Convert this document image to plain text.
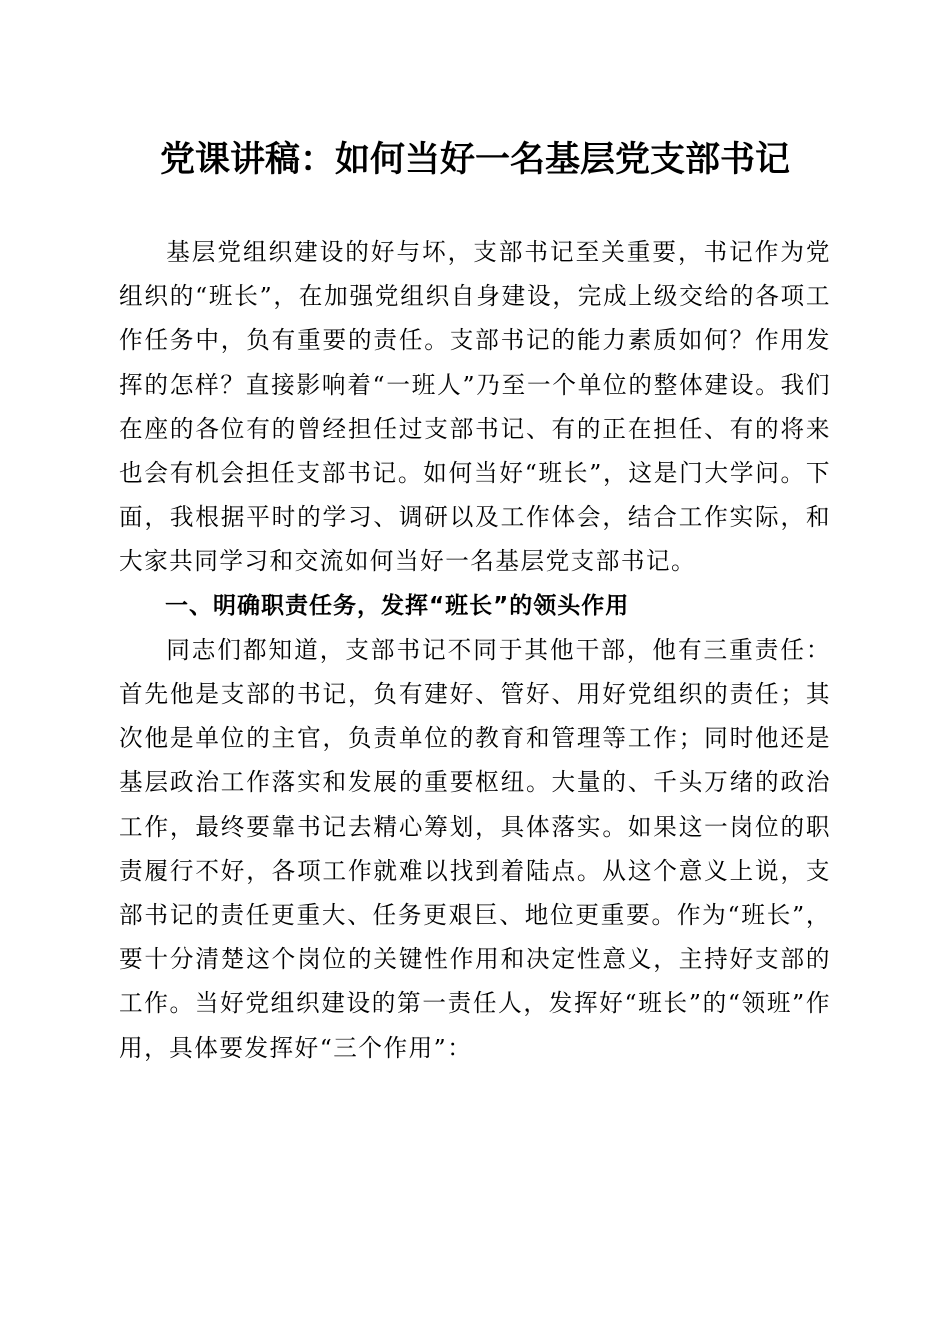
党课讲稿：如何当好一名基层党支部书记

基层党组织建设的好与坏，支部书记至关重要，书记作为党组织的“班长”，在加强党组织自身建设，完成上级交给的各项工作任务中，负有重要的责任。支部书记的能力素质如何？作用发挥的怎样？直接影响着“一班人”乃至一个单位的整体建设。我们在座的各位有的曾经担任过支部书记、有的正在担任、有的将来也会有机会担任支部书记。如何当好“班长”，这是门大学问。下面，我根据平时的学习、调研以及工作体会，结合工作实际，和大家共同学习和交流如何当好一名基层党支部书记。

一、明确职责任务，发挥“班长”的领头作用

同志们都知道，支部书记不同于其他干部，他有三重责任：首先他是支部的书记，负有建好、管好、用好党组织的责任；其次他是单位的主官，负责单位的教育和管理等工作；同时他还是基层政治工作落实和发展的重要枢纽。大量的、千头万绪的政治工作，最终要靠书记去精心筹划，具体落实。如果这一岗位的职责履行不好，各项工作就难以找到着陆点。从这个意义上说，支部书记的责任更重大、任务更艰巨、地位更重要。作为“班长”，要十分清楚这个岗位的关键性作用和决定性意义，主持好支部的工作。当好党组织建设的第一责任人，发挥好“班长”的“领班”作用，具体要发挥好“三个作用”：
